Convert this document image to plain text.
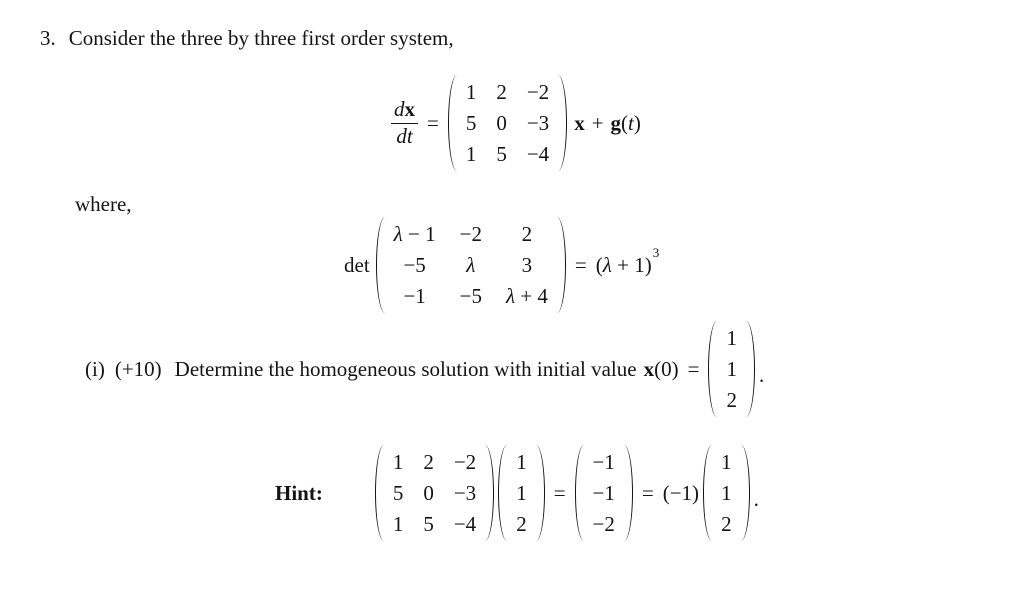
3. Consider the three by three first order system,
$\frac{dx}{dt}$ =
1 2 −2
5 0 −3
1 5 −4
x + g(t)
where,
det
λ − 1 −2 2
−5 λ 3
−1 −5 λ + 4
= $(\lambda + 1)^3$
(i) (+10) Determine the homogeneous solution with initial value x (0) =
1
1
2
.
Hint:
1 2 −2
5 0 −3
1 5 −4
1
1
2
=
−1
−1
−2
= (−1)
1
1
2
.
